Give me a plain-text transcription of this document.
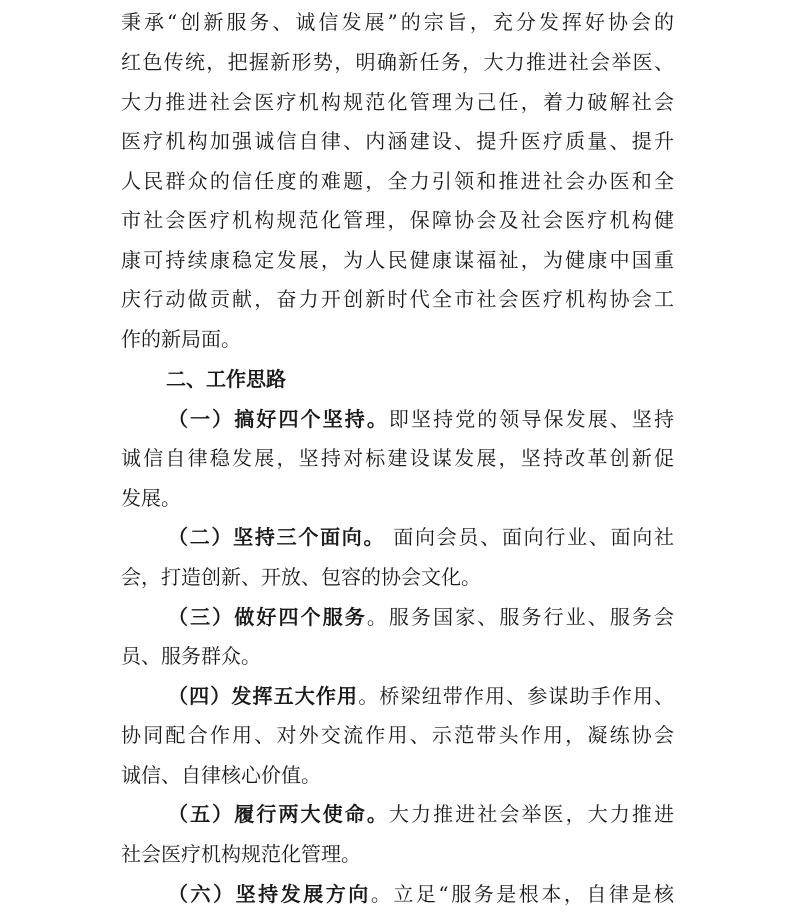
秉承“创新服务、诚信发展”的宗旨，充分发挥好协会的
红色传统，把握新形势，明确新任务，大力推进社会举医、
大力推进社会医疗机构规范化管理为己任，着力破解社会
医疗机构加强诚信自律、内涵建设、提升医疗质量、提升
人民群众的信任度的难题，全力引领和推进社会办医和全
市社会医疗机构规范化管理，保障协会及社会医疗机构健
康可持续康稳定发展，为人民健康谋福祉，为健康中国重
庆行动做贡献，奋力开创新时代全市社会医疗机构协会工
作的新局面。
二、工作思路
（一）搞好四个坚持。即坚持党的领导保发展、坚持
诚信自律稳发展，坚持对标建设谋发展，坚持改革创新促
发展。
（二）坚持三个面向。 面向会员、面向行业、面向社
会，打造创新、开放、包容的协会文化。
（三）做好四个服务。服务国家、服务行业、服务会
员、服务群众。
（四）发挥五大作用。桥梁纽带作用、参谋助手作用、
协同配合作用、对外交流作用、示范带头作用，凝练协会
诚信、自律核心价值。
（五）履行两大使命。大力推进社会举医，大力推进
社会医疗机构规范化管理。
（六）坚持发展方向。立足“服务是根本，自律是核
